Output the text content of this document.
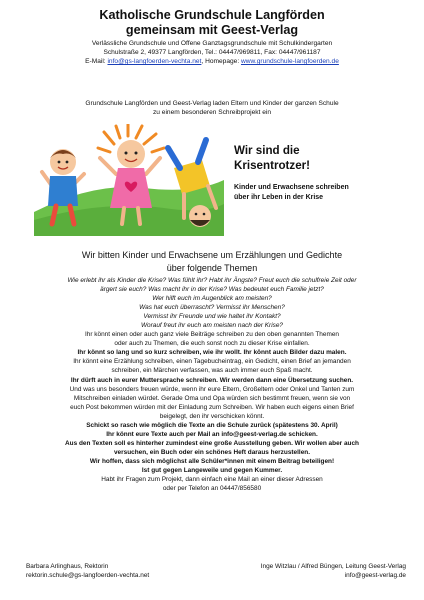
Katholische Grundschule Langförden
gemeinsam mit Geest-Verlag
Verlässliche Grundschule und Offene Ganztagsgrundschule mit Schulkindergarten
Schulstraße 2, 49377 Langförden, Tel.: 04447/969811, Fax: 04447/961187
E-Mail: info@gs-langfoerden-vechta.net, Homepage: www.grundschule-langfoerden.de
Grundschule Langförden und Geest-Verlag laden Eltern und Kinder der ganzen Schule
zu einem besonderen Schreibprojekt ein
Wir sind die
Krisentrotzer!
Kinder und Erwachsene schreiben
über ihr Leben in der Krise
Wir bitten Kinder und Erwachsene um Erzählungen und Gedichte
über folgende Themen
Wie erlebt ihr als Kinder die Krise? Was fühlt ihr? Habt ihr Ängste? Freut euch die schulfreie Zeit oder
ärgert sie euch? Was macht ihr in der Krise? Was bedeutet euch Familie jetzt?
Wer hilft euch im Augenblick am meisten?
Was hat euch überrascht? Vermisst ihr Menschen?
Vermisst ihr Freunde und wie haltet ihr Kontakt?
Worauf freut ihr euch am meisten nach der Krise?
Ihr könnt einen oder auch ganz viele Beiträge schreiben zu den oben genannten Themen
oder auch zu Themen, die euch sonst noch zu dieser Krise einfallen.
Ihr könnt so lang und so kurz schreiben, wie ihr wollt. Ihr könnt auch Bilder dazu malen.
Ihr könnt eine Erzählung schreiben, einen Tagebucheintrag, ein Gedicht, einen Brief an jemanden
schreiben, ein Märchen verfassen, was auch immer euch Spaß macht.
Ihr dürft auch in eurer Muttersprache schreiben. Wir werden dann eine Übersetzung suchen.
Und was uns besonders freuen würde, wenn ihr eure Eltern, Großeltern oder Onkel und Tanten zum
Mitschreiben einladen würdet. Gerade Oma und Opa würden sich bestimmt freuen, wenn sie von
euch Post bekommen würden mit der Einladung zum Schreiben. Wir haben euch eigens einen Brief
beigelegt, den ihr verschicken könnt.
Schickt so rasch wie möglich die Texte an die Schule zurück (spätestens 30. April)
Ihr könnt eure Texte auch per Mail an info@geest-verlag.de schicken.
Aus den Texten soll es hinterher zumindest eine große Ausstellung geben. Wir wollen aber auch
versuchen, ein Buch oder ein schönes Heft daraus herzustellen.
Wir hoffen, dass sich möglichst alle Schüler*innen mit einem Beitrag beteiligen!
Ist gut gegen Langeweile und gegen Kummer.
Habt ihr Fragen zum Projekt, dann einfach eine Mail an einer dieser Adressen
oder per Telefon an 04447/856580
Barbara Arlinghaus, Rektorin	Inge Witzlau / Alfred Büngen, Leitung Geest-Verlag
rektorin.schule@gs-langfoerden-vechta.net	info@geest-verlag.de
